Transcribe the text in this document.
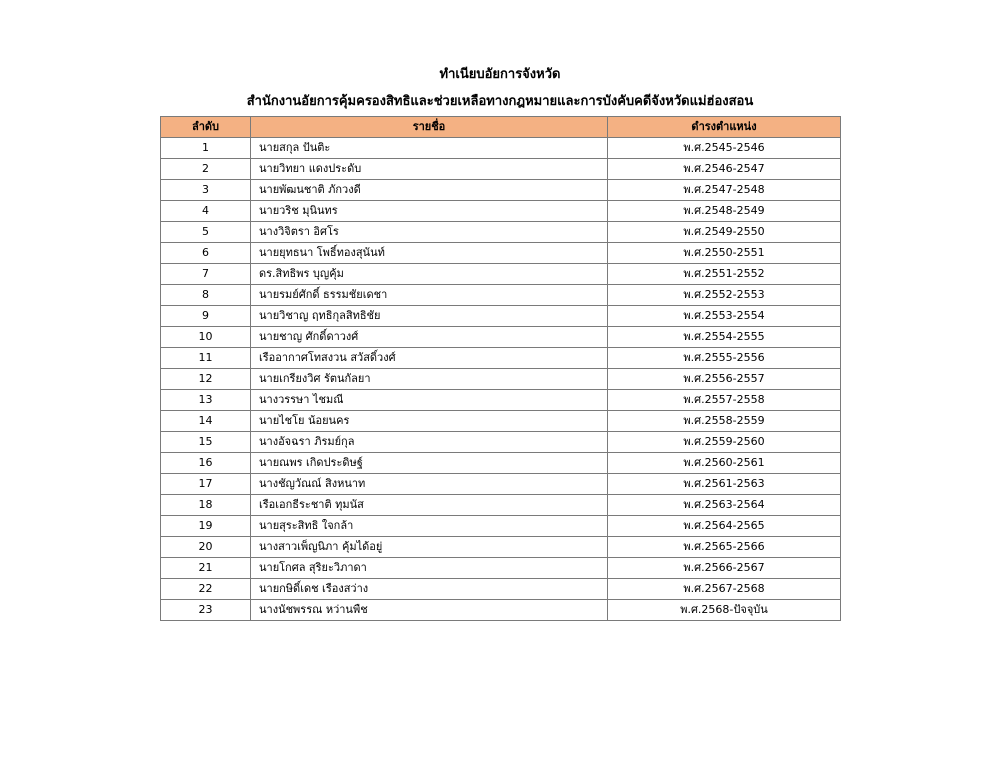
ทำเนียบอัยการจังหวัด
สำนักงานอัยการคุ้มครองสิทธิและช่วยเหลือทางกฎหมายและการบังคับคดีจังหวัดแม่ฮ่องสอน
ลำดับ	รายชื่อ	ดำรงตำแหน่ง
1	นายสกุล ปันติะ	พ.ศ.2545-2546
2	นายวิทยา แดงประดับ	พ.ศ.2546-2547
3	นายพัฒนชาติ ภักวงดี	พ.ศ.2547-2548
4	นายวริช มุนินทร	พ.ศ.2548-2549
5	นางวิจิตรา อิศโร	พ.ศ.2549-2550
6	นายยุทธนา โพธิ์ทองสุนันท์	พ.ศ.2550-2551
7	ดร.สิทธิพร บุญคุ้ม	พ.ศ.2551-2552
8	นายรมย์ศักดิ์ ธรรมชัยเดชา	พ.ศ.2552-2553
9	นายวิชาญ ฤทธิกุลสิทธิชัย	พ.ศ.2553-2554
10	นายชาญ ศักดิ์ดาวงศ์	พ.ศ.2554-2555
11	เรืออากาศโทสงวน สวัสดิ์วงศ์	พ.ศ.2555-2556
12	นายเกรียงวิศ รัตนกัลยา	พ.ศ.2556-2557
13	นางวรรษา ไชมณี	พ.ศ.2557-2558
14	นายไชโย น้อยนคร	พ.ศ.2558-2559
15	นางอัจฉรา ภิรมย์กุล	พ.ศ.2559-2560
16	นายณพร เกิดประดิษฐ์	พ.ศ.2560-2561
17	นางชัญวัณณ์ สิงหนาท	พ.ศ.2561-2563
18	เรือเอกธีระชาติ ทุมนัส	พ.ศ.2563-2564
19	นายสุระสิทธิ ใจกล้า	พ.ศ.2564-2565
20	นางสาวเพ็ญนิภา คุ้มได้อยู่	พ.ศ.2565-2566
21	นายโกศล สุริยะวิภาดา	พ.ศ.2566-2567
22	นายกษิดิ์เดช เรืองสว่าง	พ.ศ.2567-2568
23	นางนัชพรรณ หว่านพืช	พ.ศ.2568-ปัจจุบัน
